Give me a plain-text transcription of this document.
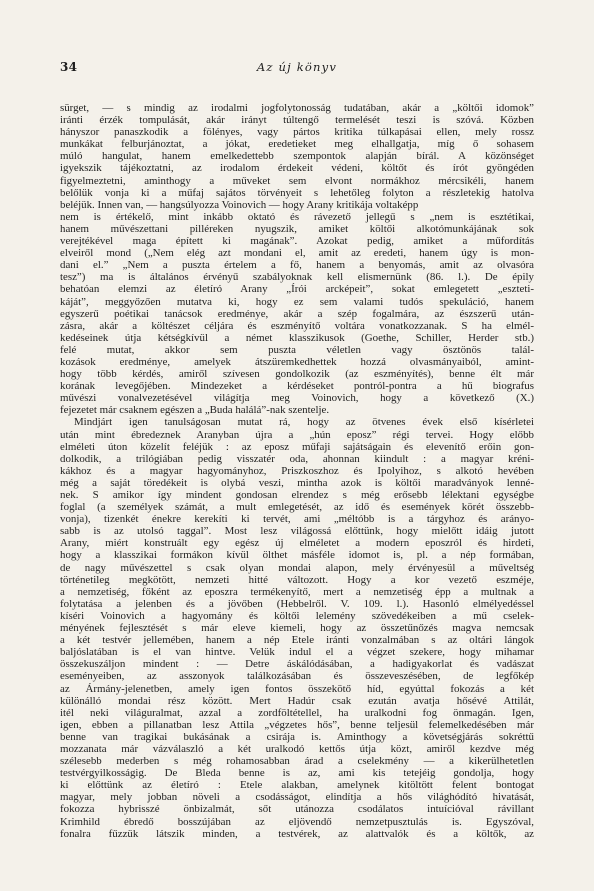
34	Az új könyv
sürget, — s mindig az irodalmi jogfolytonosság tudatában, akár a „költői idomok”
iránti érzék tompulását, akár irányt túltengő termelését teszi is szóvá. Közben
hányszor panaszkodik a fölényes, vagy pártos kritika túlkapásai ellen, mely rossz
munkákat felburjánoztat, a jókat, eredetieket meg elhallgatja, míg ő sohasem
múló hangulat, hanem emelkedettebb szempontok alapján bírál. A közönséget
igyekszik tájékoztatni, az irodalom érdekeit védeni, költőt és írót gyöngéden
figyelmeztetni, aminthogy a műveket sem elvont normákhoz mércsikéli, hanem
belőlük vonja ki a műfaj sajátos törvényeit s lehetőleg folyton a részletekig hatolva
beléjük. Innen van, — hangsúlyozza Voinovich — hogy Arany kritikája voltaképp
nem is értékelő, mint inkább oktató és rávezető jellegű s „nem is esztétikai,
hanem művészettani pilléreken nyugszik, amiket költői alkotómunkájának sok
verejtékével maga épített ki magának”. Azokat pedig, amiket a műfordítás
elveiről mond („Nem elég azt mondani el, amit az eredeti, hanem úgy is mon-
dani el.” „Nem a puszta értelem a fő, hanem a benyomás, amit az olvasóra
tesz”) ma is általános érvényű szabályoknak kell elismernünk (86. l.). De épily
behatóan elemzi az életíró Arany „Írói arcképeit”, sokat emlegetett „eszteti-
káját”, meggyőzően mutatva ki, hogy ez sem valami tudós spekuláció, hanem
egyszerű poétikai tanácsok eredménye, akár a szép fogalmára, az észszerű után-
zásra, akár a költészet céljára és eszményítő voltára vonatkozzanak. S ha elmél-
kedéseinek útja kétségkívül a német klasszikusok (Goethe, Schiller, Herder stb.)
felé mutat, akkor sem puszta véletlen vagy ösztönös talál-
kozások eredménye, amelyek átszüremkedhettek hozzá olvasmányaiból, amint-
hogy több kérdés, amiről szívesen gondolkozik (az eszményítés), benne élt már
korának levegőjében. Mindezeket a kérdéseket pontról-pontra a hű biografus
művészi vonalvezetésével világítja meg Voinovich, hogy a következő (X.)
fejezetet már csaknem egészen a „Buda halálá”-nak szentelje.
Mindjárt igen tanulságosan mutat rá, hogy az ötvenes évek első kísérletei
után mint ébredeznek Aranyban újra a „hún eposz” régi tervei. Hogy előbb
elméleti úton közelít feléjük : az eposz műfaji sajátságain és elevenítő erőin gon-
dolkodik, a trilógiában pedig visszatér oda, ahonnan kiindult : a magyar kréni-
kákhoz és a magyar hagyományhoz, Priszkoszhoz és Ipolyihoz, s alkotó hevében
még a saját töredékeit is olybá veszi, mintha azok is költői maradványok lenné-
nek. S amikor így mindent gondosan elrendez s még erősebb lélektani egységbe
foglal (a személyek számát, a mult emlegetését, az idő és események körét összebb-
vonja), tizenkét énekre kerekíti ki tervét, ami „méltóbb is a tárgyhoz és arányo-
sabb is az utolsó taggal”. Most lesz világossá előttünk, hogy mielőtt idáig jutott
Arany, miért konstruált egy egész új elméletet a modern eposzról és hirdeti,
hogy a klasszikai formákon kívül ölthet másféle idomot is, pl. a nép formában,
de nagy művészettel s csak olyan mondai alapon, mely érvényesül a műveltség
történetileg megkötött, nemzeti hitté változott. Hogy a kor vezető eszméje,
a nemzetiség, főként az eposzra termékenyítő, mert a nemzetiség épp a multnak a
folytatása a jelenben és a jövőben (Hebbelről. V. 109. l.). Hasonló elmélyedéssel
kíséri Voinovich a hagyomány és költői lelemény szövedékeiben a mű cselek-
ményének fejlesztését s már eleve kiemeli, hogy az összetűnőzés magva nemcsak
a két testvér jellemében, hanem a nép Etele iránti vonzalmában s az oltári lángok
baljóslatában is el van hintve. Velük indul el a végzet szekere, hogy mihamar
összekuszáljon mindent : — Detre áskálódásában, a hadigyakorlat és vadászat
eseményeiben, az asszonyok találkozásában és összeveszésében, de legfőkép
az Ármány-jelenetben, amely igen fontos összekötő híd, egyúttal fokozás a két
különálló mondai rész között. Mert Hadúr csak ezután avatja hősévé Attilát,
itél neki világuralmat, azzal a zordföltétellel, ha uralkodni fog önmagán. Igen,
igen, ebben a pillanatban lesz Attila „végzetes hős”, benne teljesül felemelkedésében már
benne van tragikai bukásának a csirája is. Aminthogy a követségjárás sokréttű
mozzanata már vázválaszló a két uralkodó kettős útja közt, amiről kezdve még
szélesebb mederben s még rohamosabban árad a cselekmény — a kikerülhetetlen
testvérgyilkosságig. De Bleda benne is az, ami kis tetejéig gondolja, hogy
ki előttünk az életíró : Etele alakban, amelynek kitöltött felent bontogat
magyar, mely jobban növeli a csodásságot, elindítja a hős világhódító hivatását,
fokozza hybrisszé önbizalmát, sőt utánozza csodálatos intuícióval rávillant
Krimhild ébredő bosszújában az eljövendő nemzetpusztulás is. Egyszóval,
fonalra fűzzük látszik minden, a testvérek, az alattvalók és a költők, az
